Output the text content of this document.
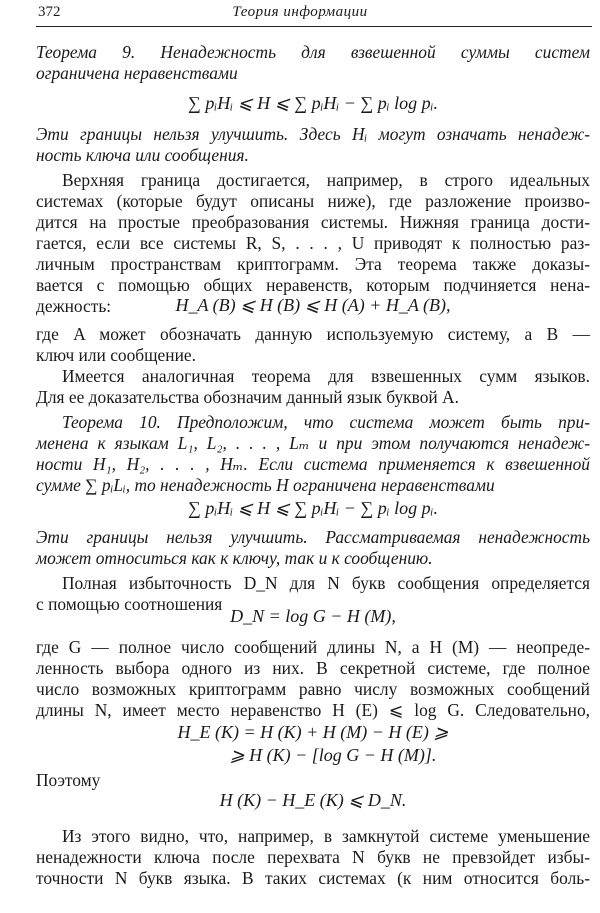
372	Теория информации
Теорема 9. Ненадежность для взвешенной суммы систем
ограничена неравенствами
∑ pᵢHᵢ ⩽ H ⩽ ∑ pᵢHᵢ − ∑ pᵢ log pᵢ.
Эти границы нельзя улучшить. Здесь Hᵢ могут означать ненадеж-
ность ключа или сообщения.
Верхняя граница достигается, например, в строго идеальных
системах (которые будут описаны ниже), где разложение произво-
дится на простые преобразования системы. Нижняя граница дости-
гается, если все системы R, S, . . . , U приводят к полностью раз-
личным пространствам криптограмм. Эта теорема также доказы-
вается с помощью общих неравенств, которым подчиняется нена-
дежность:	H_A (B) ⩽ H (B) ⩽ H (A) + H_A (B),
где A может обозначать данную используемую систему, а B —
ключ или сообщение.
Имеется аналогичная теорема для взвешенных сумм языков.
Для ее доказательства обозначим данный язык буквой A.
Теорема 10. Предположим, что система может быть при-
менена к языкам L₁, L₂, . . . , Lₘ и при этом получаются ненадеж-
ности H₁, H₂, . . . , Hₘ. Если система применяется к взвешенной
сумме ∑ pᵢLᵢ, то ненадежность H ограничена неравенствами
∑ pᵢHᵢ ⩽ H ⩽ ∑ pᵢHᵢ − ∑ pᵢ log pᵢ.
Эти границы нельзя улучшить. Рассматриваемая ненадежность
может относиться как к ключу, так и к сообщению.
Полная избыточность D_N для N букв сообщения определяется
с помощью соотношения
D_N = log G − H (M),
где G — полное число сообщений длины N, а H (M) — неопреде-
ленность выбора одного из них. В секретной системе, где полное
число возможных криптограмм равно числу возможных сообщений
длины N, имеет место неравенство H (E) ⩽ log G. Следовательно,
H_E (K) = H (K) + H (M) − H (E) ⩾
⩾ H (K) − [log G − H (M)].
Поэтому
H (K) − H_E (K) ⩽ D_N.
Из этого видно, что, например, в замкнутой системе уменьшение
ненадежности ключа после перехвата N букв не превзойдет избы-
точности N букв языка. В таких системах (к ним относится боль-
